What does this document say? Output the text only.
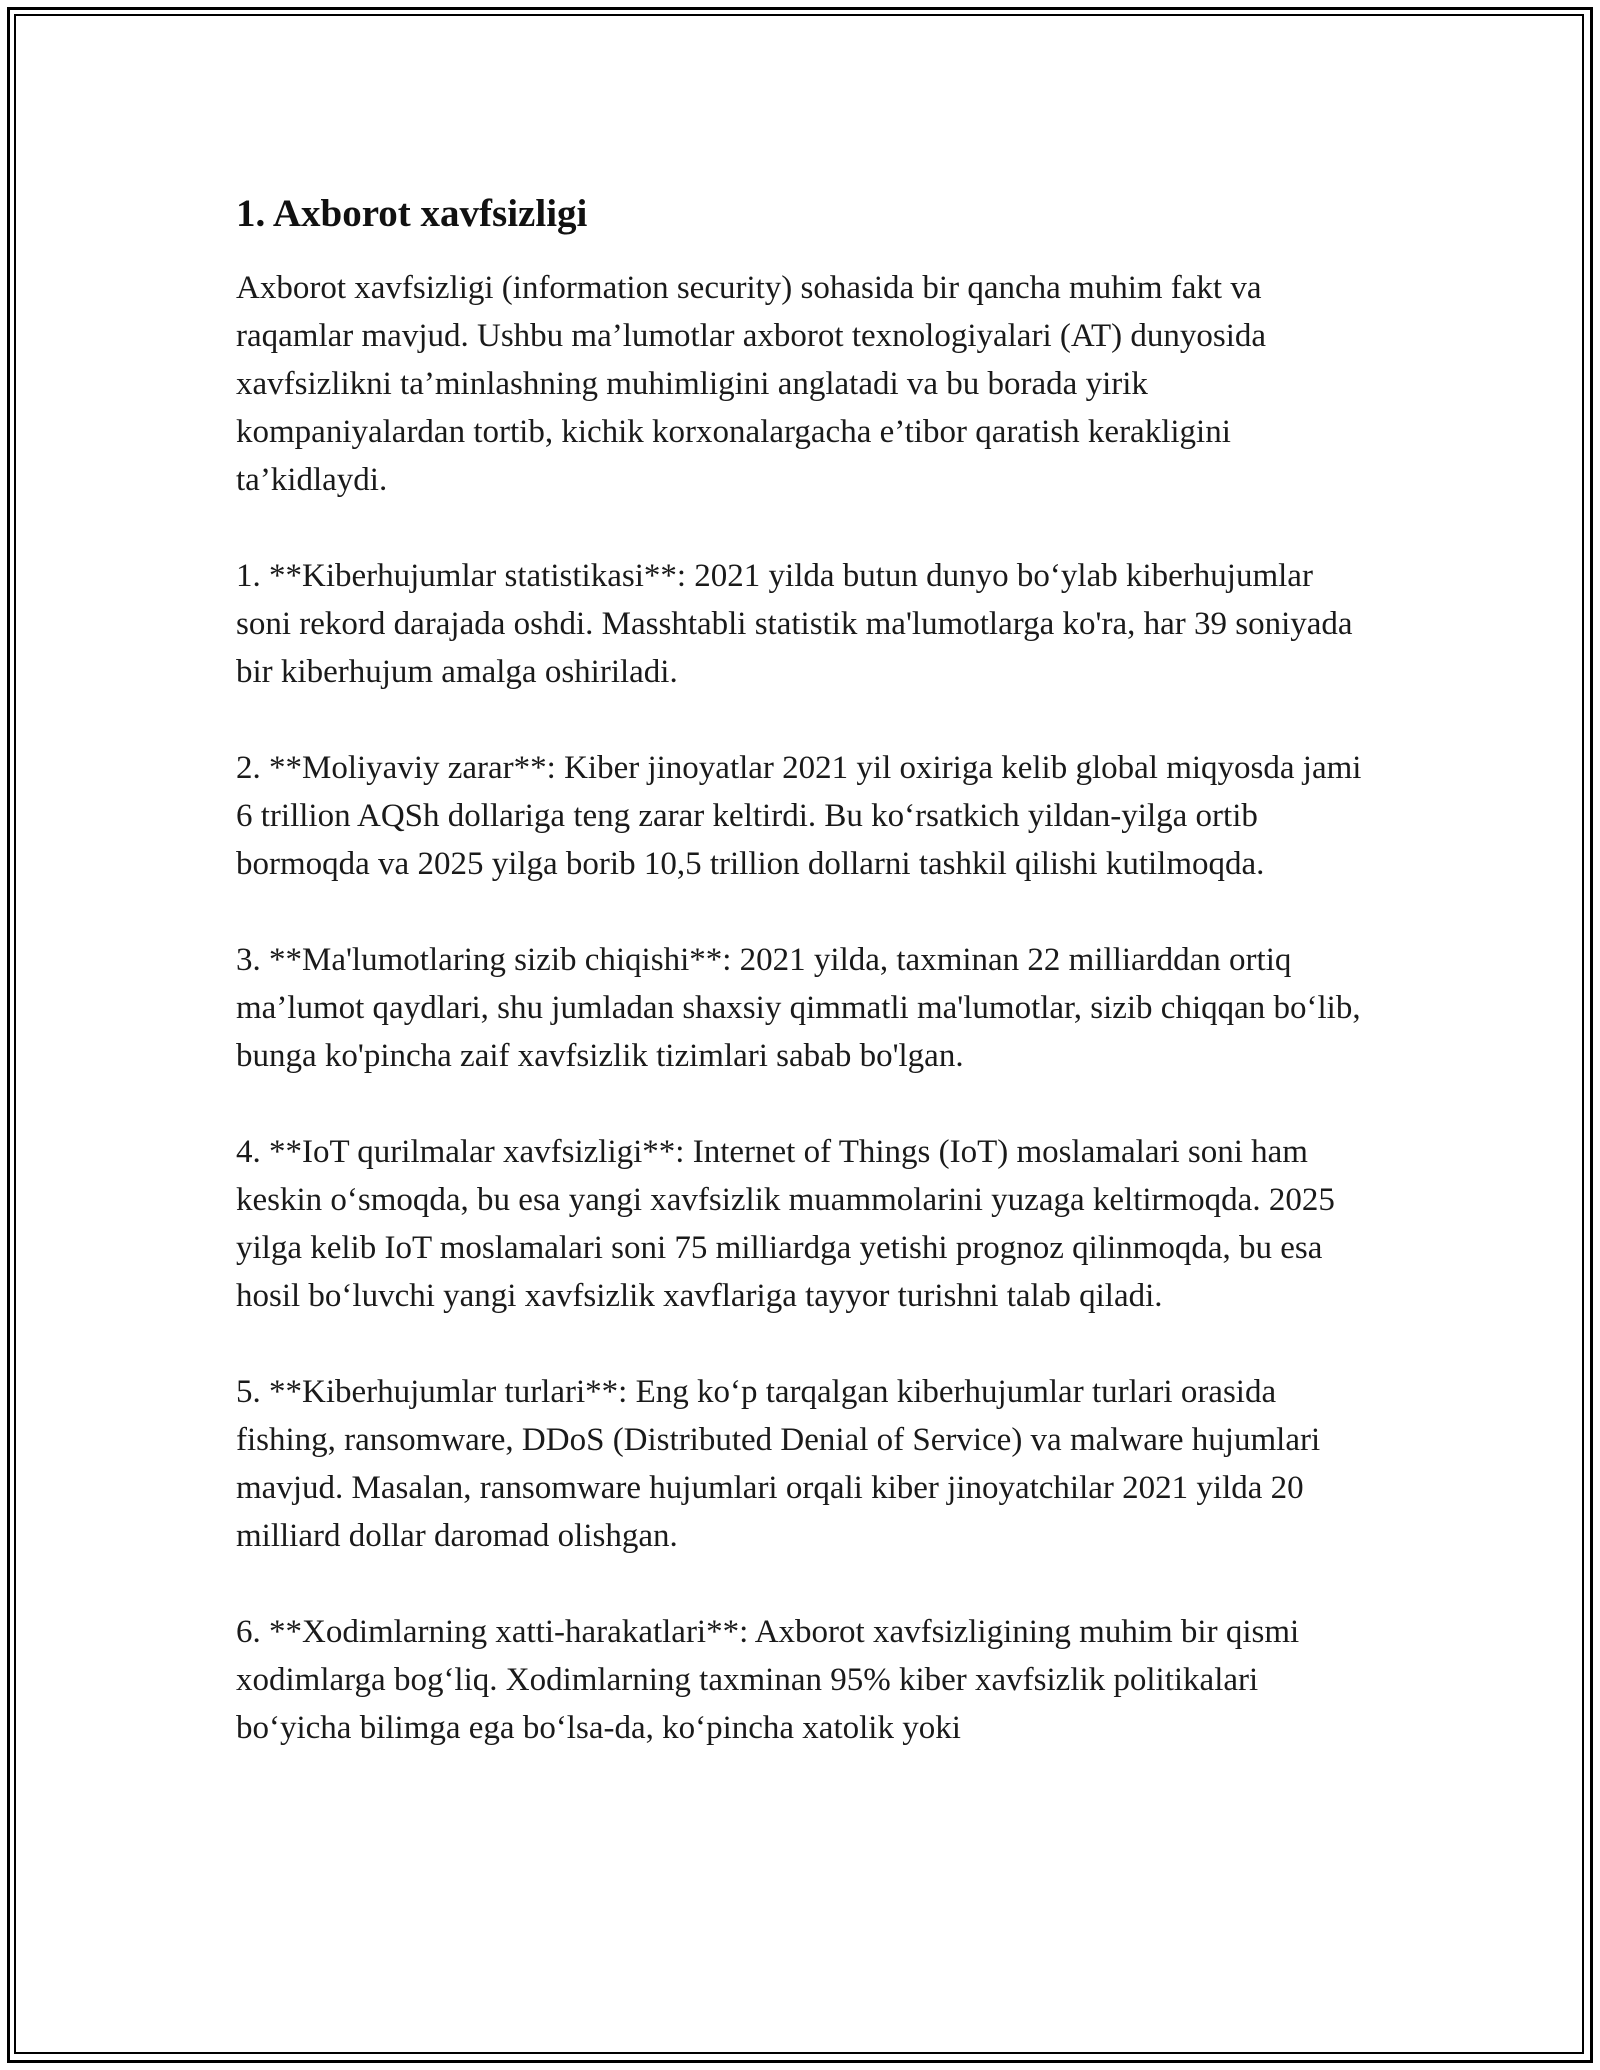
1. Axborot xavfsizligi

Axborot xavfsizligi (information security) sohasida bir qancha muhim fakt va raqamlar mavjud. Ushbu ma’lumotlar axborot texnologiyalari (AT) dunyosida xavfsizlikni ta’minlashning muhimligini anglatadi va bu borada yirik kompaniyalardan tortib, kichik korxonalargacha e’tibor qaratish kerakligini ta’kidlaydi.

1. **Kiberhujumlar statistikasi**: 2021 yilda butun dunyo bo‘ylab kiberhujumlar soni rekord darajada oshdi. Masshtabli statistik ma'lumotlarga ko'ra, har 39 soniyada bir kiberhujum amalga oshiriladi.

2. **Moliyaviy zarar**: Kiber jinoyatlar 2021 yil oxiriga kelib global miqyosda jami 6 trillion AQSh dollariga teng zarar keltirdi. Bu ko‘rsatkich yildan-yilga ortib bormoqda va 2025 yilga borib 10,5 trillion dollarni tashkil qilishi kutilmoqda.

3. **Ma'lumotlaring sizib chiqishi**: 2021 yilda, taxminan 22 milliarddan ortiq ma’lumot qaydlari, shu jumladan shaxsiy qimmatli ma'lumotlar, sizib chiqqan bo‘lib, bunga ko'pincha zaif xavfsizlik tizimlari sabab bo'lgan.

4. **IoT qurilmalar xavfsizligi**: Internet of Things (IoT) moslamalari soni ham keskin o‘smoqda, bu esa yangi xavfsizlik muammolarini yuzaga keltirmoqda. 2025 yilga kelib IoT moslamalari soni 75 milliardga yetishi prognoz qilinmoqda, bu esa hosil bo‘luvchi yangi xavfsizlik xavflariga tayyor turishni talab qiladi.

5. **Kiberhujumlar turlari**: Eng ko‘p tarqalgan kiberhujumlar turlari orasida fishing, ransomware, DDoS (Distributed Denial of Service) va malware hujumlari mavjud. Masalan, ransomware hujumlari orqali kiber jinoyatchilar 2021 yilda 20 milliard dollar daromad olishgan.

6. **Xodimlarning xatti-harakatlari**: Axborot xavfsizligining muhim bir qismi xodimlarga bog‘liq. Xodimlarning taxminan 95% kiber xavfsizlik politikalari bo‘yicha bilimga ega bo‘lsa-da, ko‘pincha xatolik yoki
